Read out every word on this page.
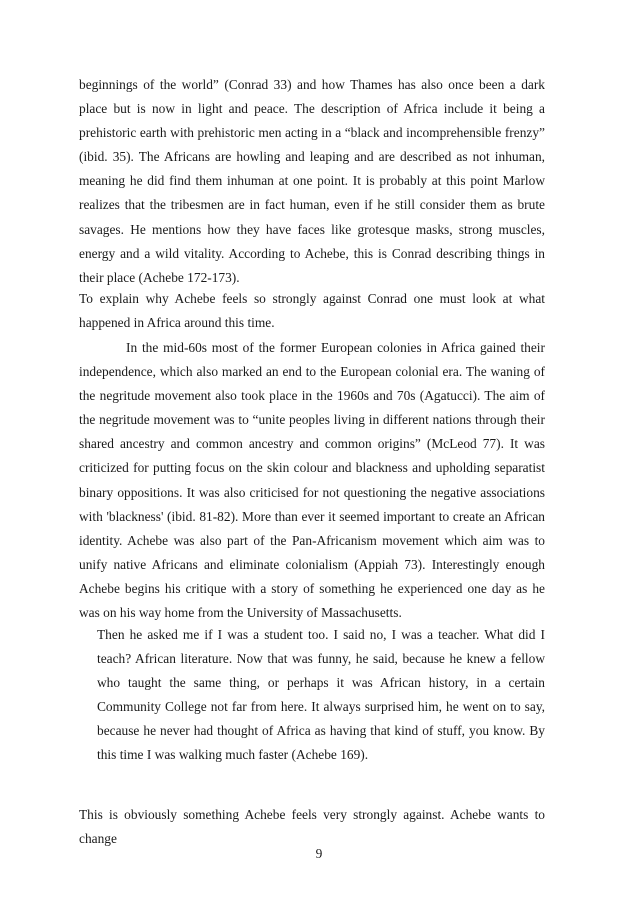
beginnings of the world” (Conrad 33) and how Thames has also once been a dark place but is now in light and peace. The description of Africa include it being a prehistoric earth with prehistoric men acting in a “black and incomprehensible frenzy” (ibid. 35). The Africans are howling and leaping and are described as not inhuman, meaning he did find them inhuman at one point. It is probably at this point Marlow realizes that the tribesmen are in fact human, even if he still consider them as brute savages. He mentions how they have faces like grotesque masks, strong muscles, energy and a wild vitality. According to Achebe, this is Conrad describing things in their place (Achebe 172-173).

To explain why Achebe feels so strongly against Conrad one must look at what happened in Africa around this time.

In the mid-60s most of the former European colonies in Africa gained their independence, which also marked an end to the European colonial era. The waning of the negritude movement also took place in the 1960s and 70s (Agatucci). The aim of the negritude movement was to “unite peoples living in different nations through their shared ancestry and common ancestry and common origins” (McLeod 77). It was criticized for putting focus on the skin colour and blackness and upholding separatist binary oppositions. It was also criticised for not questioning the negative associations with 'blackness' (ibid. 81-82). More than ever it seemed important to create an African identity. Achebe was also part of the Pan-Africanism movement which aim was to unify native Africans and eliminate colonialism (Appiah 73). Interestingly enough Achebe begins his critique with a story of something he experienced one day as he was on his way home from the University of Massachusetts.

Then he asked me if I was a student too. I said no, I was a teacher. What did I teach? African literature. Now that was funny, he said, because he knew a fellow who taught the same thing, or perhaps it was African history, in a certain Community College not far from here. It always surprised him, he went on to say, because he never had thought of Africa as having that kind of stuff, you know. By this time I was walking much faster (Achebe 169).

This is obviously something Achebe feels very strongly against. Achebe wants to change

9
